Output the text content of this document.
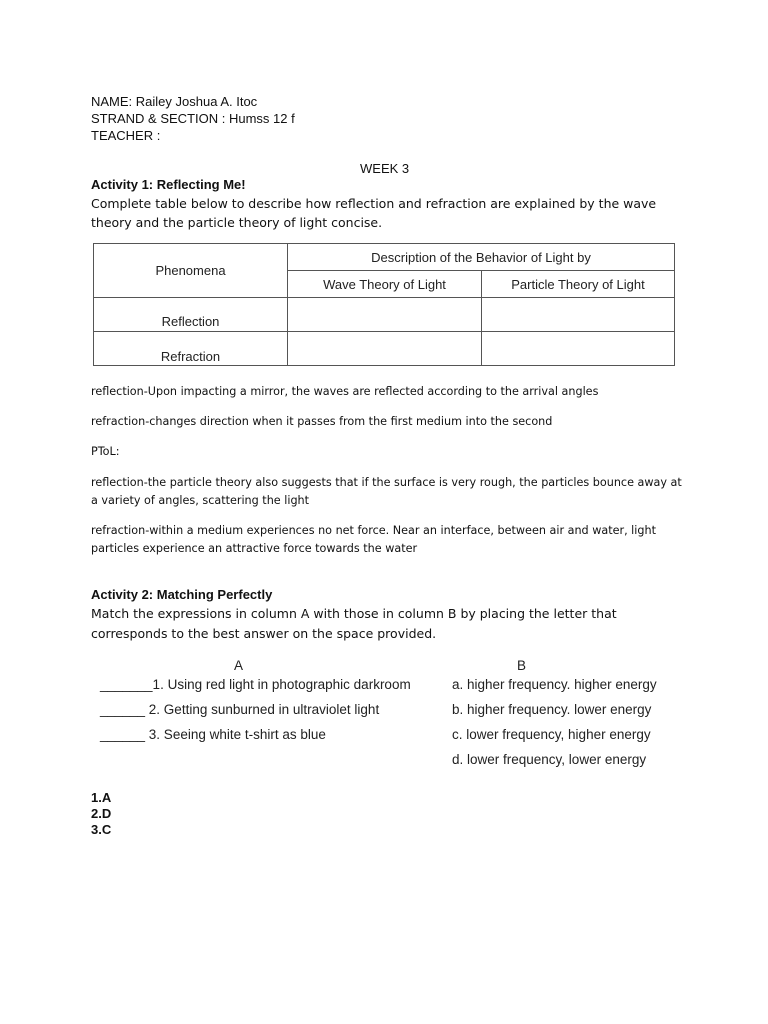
NAME: Railey Joshua A. Itoc
STRAND & SECTION : Humss 12 f
TEACHER :
WEEK 3
Activity 1: Reflecting Me!
Complete table below to describe how reflection and refraction are explained by the wave
theory and the particle theory of light concise.
Phenomena	Description of the Behavior of Light by	
	Wave Theory of Light	Particle Theory of Light
Reflection		
Refraction		
reflection-Upon impacting a mirror, the waves are reflected according to the arrival angles
refraction-changes direction when it passes from the first medium into the second
PToL:
reflection-the particle theory also suggests that if the surface is very rough, the particles bounce away at
a variety of angles, scattering the light
refraction-within a medium experiences no net force. Near an interface, between air and water, light
particles experience an attractive force towards the water
Activity 2: Matching Perfectly
Match the expressions in column A with those in column B by placing the letter that
corresponds to the best answer on the space provided.
A	B
_______1. Using red light in photographic darkroom
______ 2. Getting sunburned in ultraviolet light
______ 3. Seeing white t-shirt as blue
a. higher frequency. higher energy
b. higher frequency. lower energy
c. lower frequency, higher energy
d. lower frequency, lower energy
1.A
2.D
3.C
